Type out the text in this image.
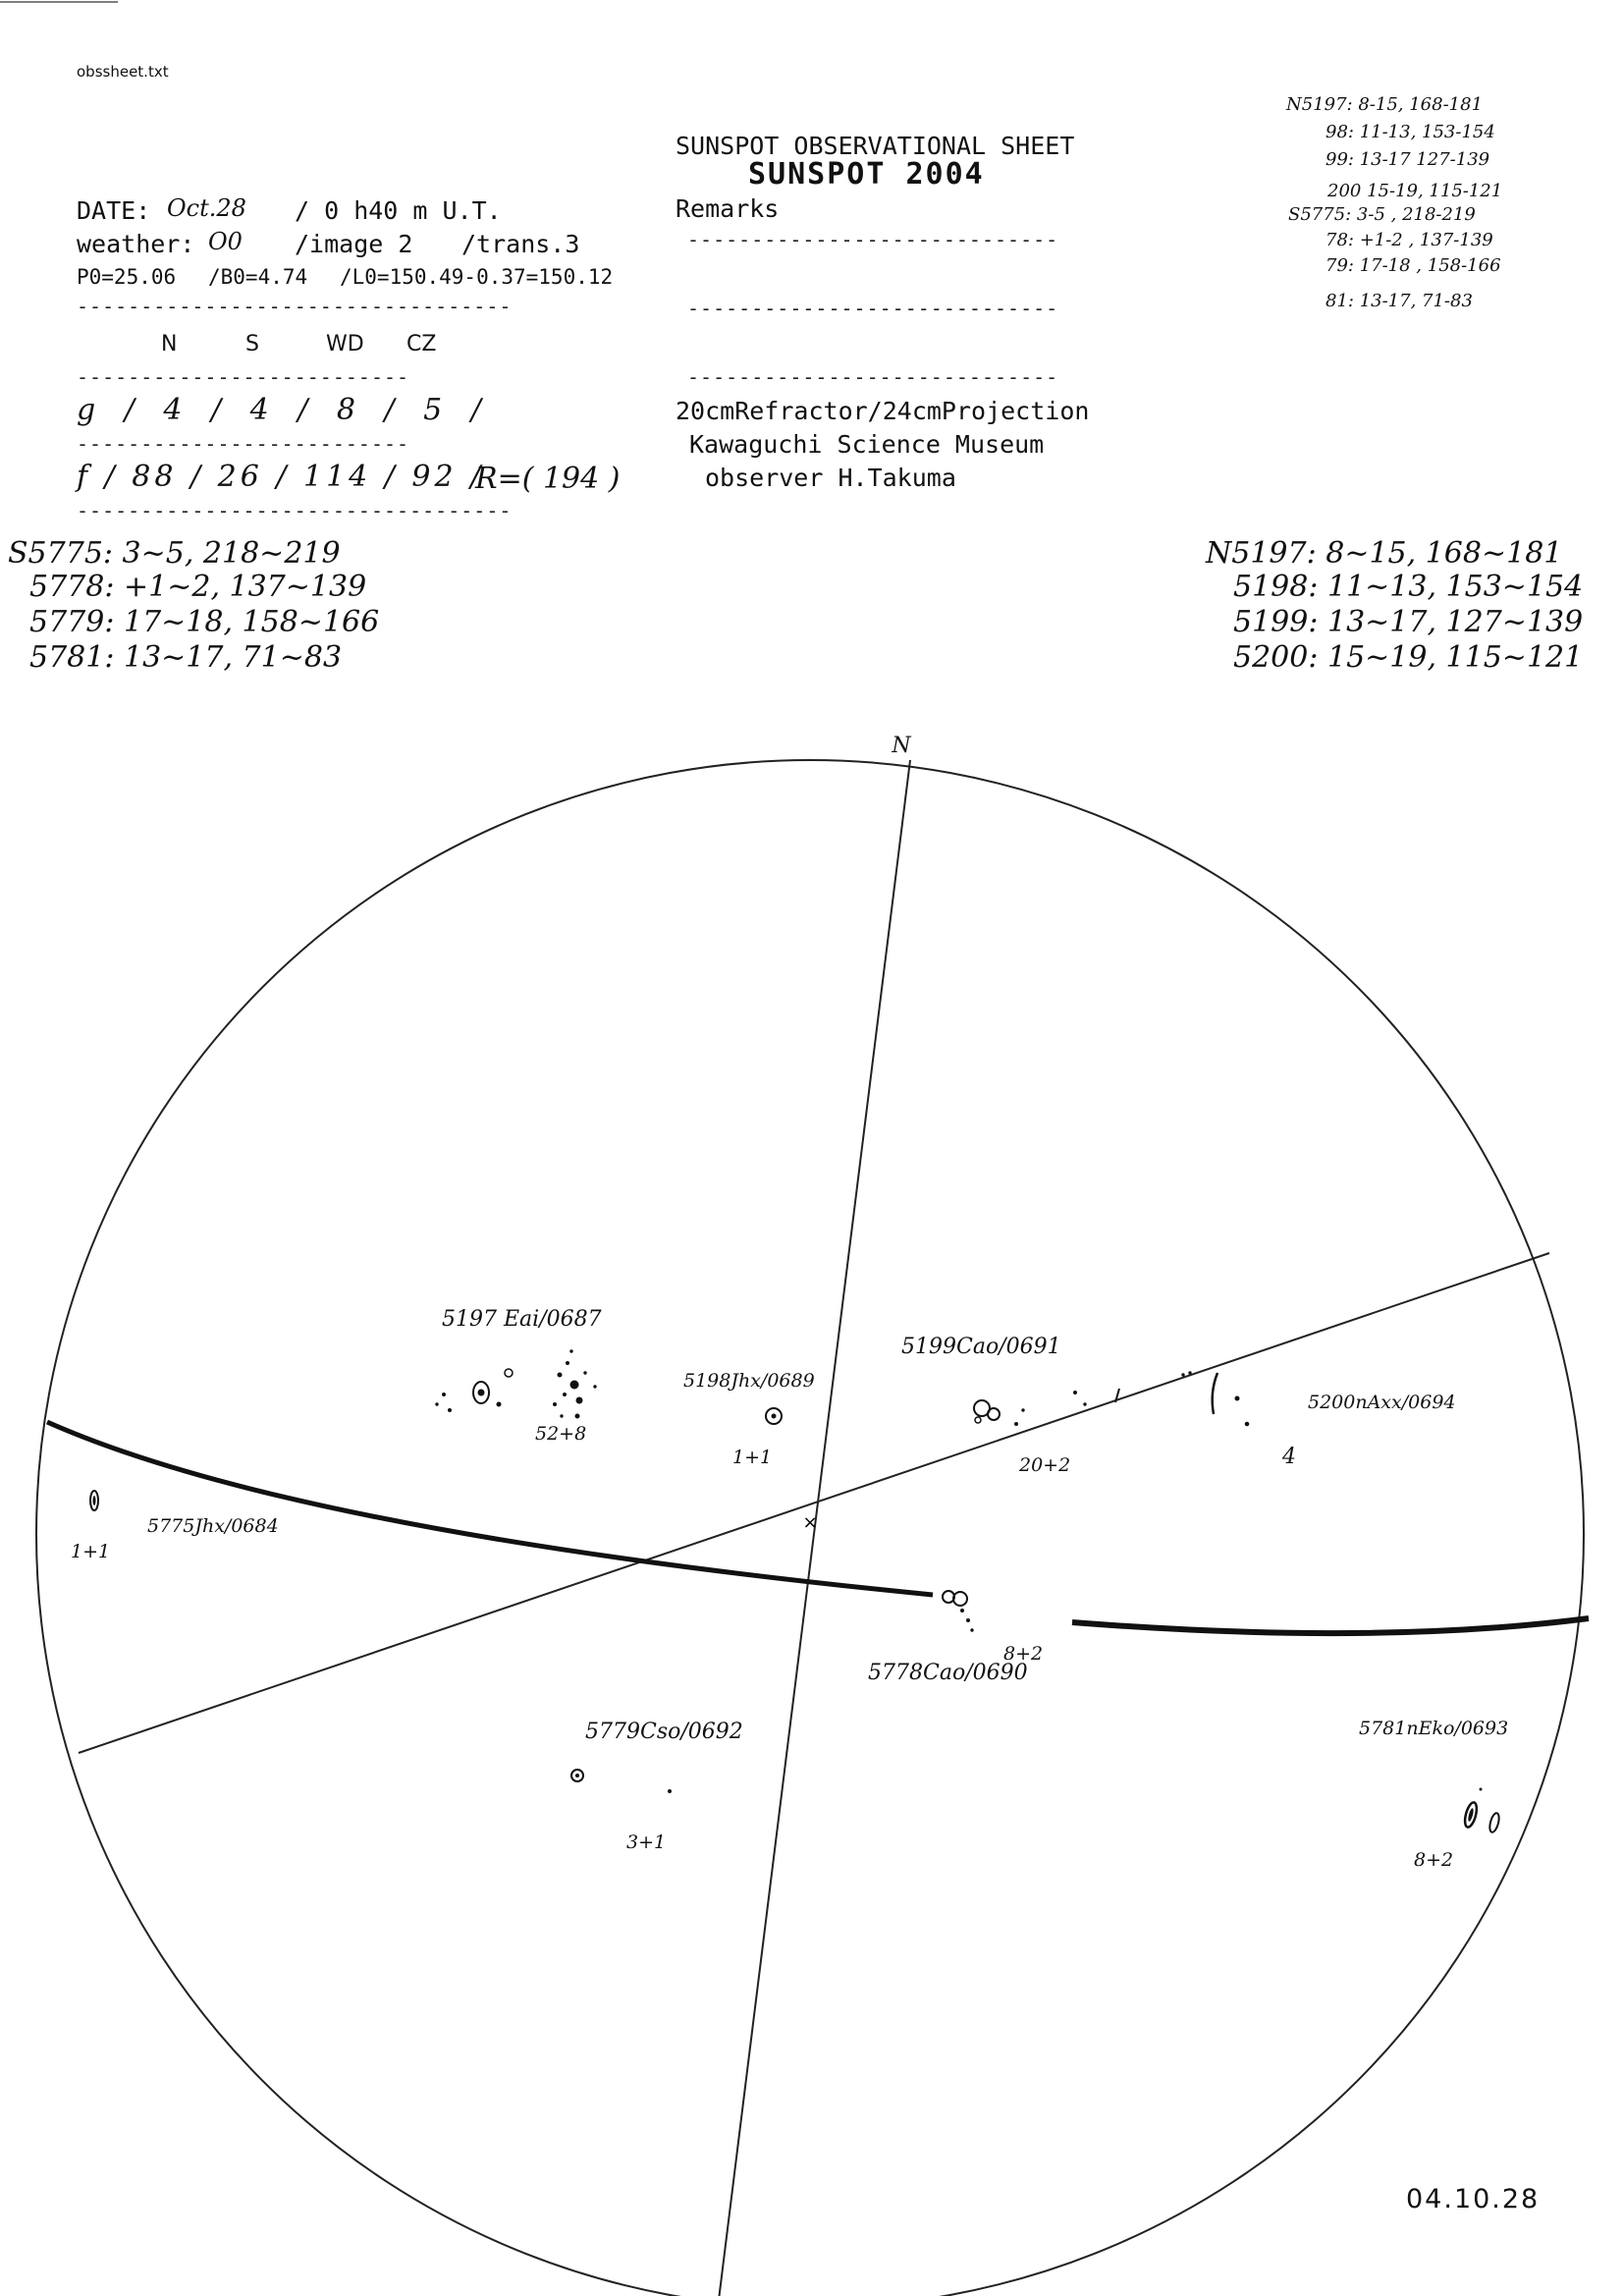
obssheet.txt
SUNSPOT OBSERVATIONAL SHEET
SUNSPOT 2004
Remarks
DATE: Oct.28 / 0 h40 m U.T.
weather: O0 /image 2 /trans.3
P0=25.06 /B0=4.74 /L0=150.49-0.37=150.12
----------------------------------
-----------------------------
-----------------------------
-----------------------------
N	S	WD CZ
--------------------------
g / 4 / 4 / 8 / 5 /
--------------------------
f / 88 / 26 / 114 / 92 /
R=( 194 )
----------------------------------
20cmRefractor/24cmProjection
Kawaguchi Science Museum
observer H.Takuma
N5197: 8-15, 168-181
98: 11-13, 153-154
99: 13-17 127-139
200 15-19, 115-121
S5775: 3-5 , 218-219
78: +1-2 , 137-139
79: 17-18 , 158-166
81: 13-17, 71-83
S5775: 3~5, 218~219
5778: +1~2, 137~139
5779: 17~18, 158~166
5781: 13~17, 71~83
N5197: 8~15, 168~181
5198: 11~13, 153~154
5199: 13~17, 127~139
5200: 15~19, 115~121
×
N
5197 Eai/0687
52+8
5198Jhx/0689
1+1
5199Cao/0691
20+2
5200nAxx/0694
4
5775Jhx/0684
1+1
5778Cao/0690
8+2
5779Cso/0692
3+1
5781nEko/0693
8+2
04.10.28
